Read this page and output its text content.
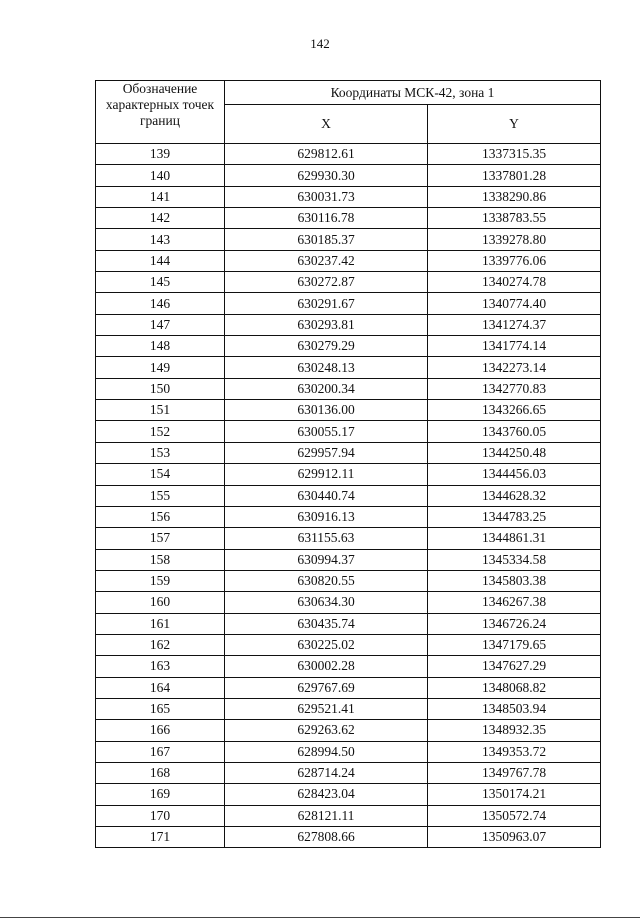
142
Обозначение характерных точек границ	Координаты МСК-42, зона 1	
	X	Y
139	629812.61	1337315.35
140	629930.30	1337801.28
141	630031.73	1338290.86
142	630116.78	1338783.55
143	630185.37	1339278.80
144	630237.42	1339776.06
145	630272.87	1340274.78
146	630291.67	1340774.40
147	630293.81	1341274.37
148	630279.29	1341774.14
149	630248.13	1342273.14
150	630200.34	1342770.83
151	630136.00	1343266.65
152	630055.17	1343760.05
153	629957.94	1344250.48
154	629912.11	1344456.03
155	630440.74	1344628.32
156	630916.13	1344783.25
157	631155.63	1344861.31
158	630994.37	1345334.58
159	630820.55	1345803.38
160	630634.30	1346267.38
161	630435.74	1346726.24
162	630225.02	1347179.65
163	630002.28	1347627.29
164	629767.69	1348068.82
165	629521.41	1348503.94
166	629263.62	1348932.35
167	628994.50	1349353.72
168	628714.24	1349767.78
169	628423.04	1350174.21
170	628121.11	1350572.74
171	627808.66	1350963.07
